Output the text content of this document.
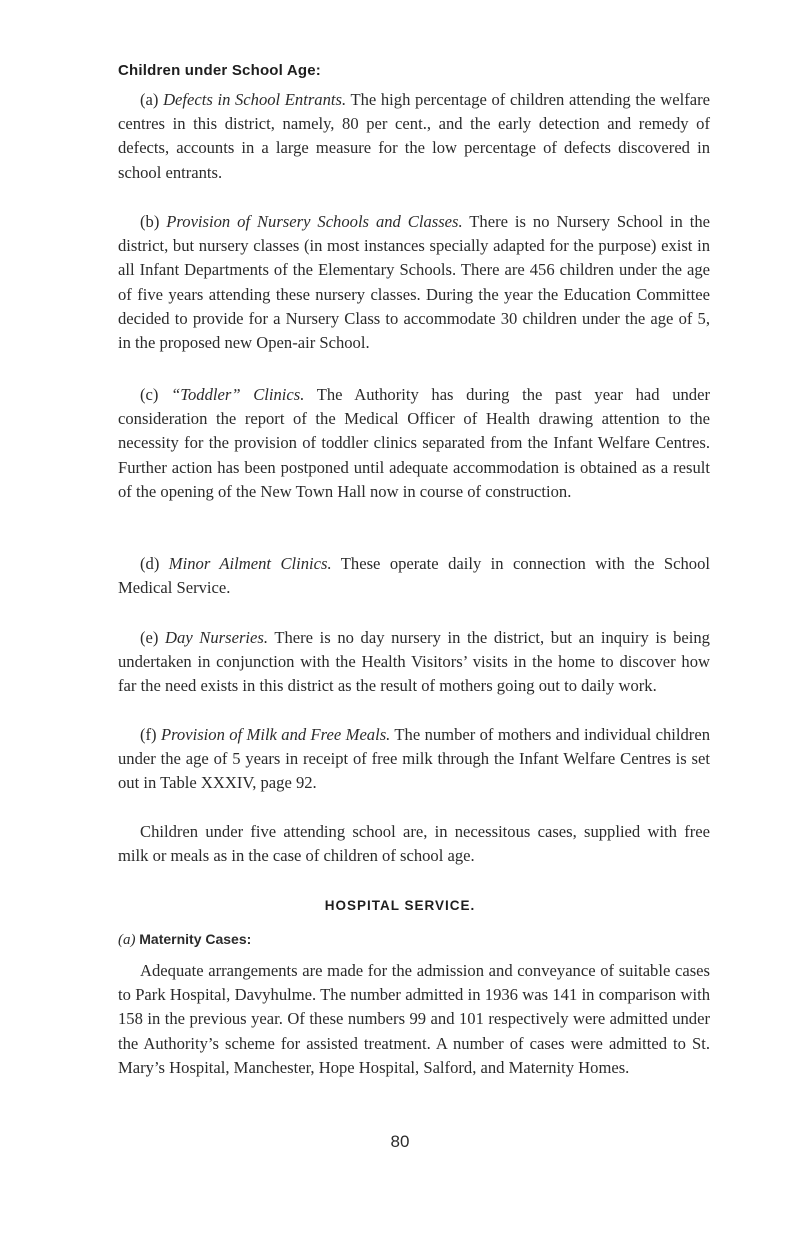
Children under School Age:
(a) Defects in School Entrants. The high percentage of children attending the welfare centres in this district, namely, 80 per cent., and the early detection and remedy of defects, accounts in a large measure for the low percentage of defects discovered in school entrants.
(b) Provision of Nursery Schools and Classes. There is no Nursery School in the district, but nursery classes (in most instances specially adapted for the purpose) exist in all Infant Departments of the Elementary Schools. There are 456 children under the age of five years attending these nursery classes. During the year the Education Committee decided to provide for a Nursery Class to accommodate 30 children under the age of 5, in the proposed new Open-air School.
(c) “Toddler” Clinics. The Authority has during the past year had under consideration the report of the Medical Officer of Health drawing attention to the necessity for the provision of toddler clinics separated from the Infant Welfare Centres. Further action has been postponed until adequate accommodation is obtained as a result of the opening of the New Town Hall now in course of construction.
(d) Minor Ailment Clinics. These operate daily in connection with the School Medical Service.
(e) Day Nurseries. There is no day nursery in the district, but an inquiry is being undertaken in conjunction with the Health Visitors’ visits in the home to discover how far the need exists in this district as the result of mothers going out to daily work.
(f) Provision of Milk and Free Meals. The number of mothers and individual children under the age of 5 years in receipt of free milk through the Infant Welfare Centres is set out in Table XXXIV, page 92.
Children under five attending school are, in necessitous cases, supplied with free milk or meals as in the case of children of school age.
HOSPITAL SERVICE.
(a) Maternity Cases:
Adequate arrangements are made for the admission and conveyance of suitable cases to Park Hospital, Davyhulme. The number admitted in 1936 was 141 in comparison with 158 in the previous year. Of these numbers 99 and 101 respectively were admitted under the Authority’s scheme for assisted treatment. A number of cases were admitted to St. Mary’s Hospital, Manchester, Hope Hospital, Salford, and Maternity Homes.
80
